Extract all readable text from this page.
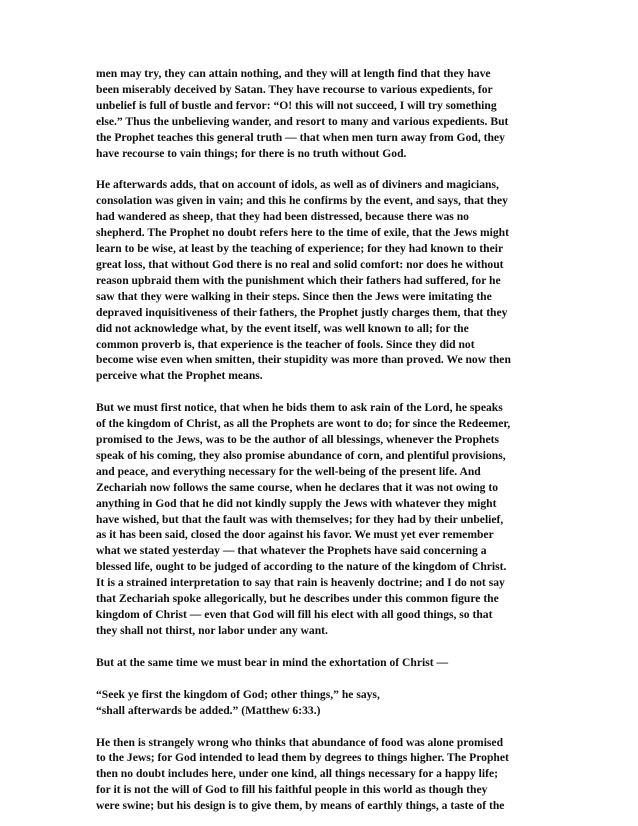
men may try, they can attain nothing, and they will at length find that they have
been miserably deceived by Satan. They have recourse to various expedients, for
unbelief is full of bustle and fervor: “O! this will not succeed, I will try something
else.” Thus the unbelieving wander, and resort to many and various expedients. But
the Prophet teaches this general truth — that when men turn away from God, they
have recourse to vain things; for there is no truth without God.
He afterwards adds, that on account of idols, as well as of diviners and magicians,
consolation was given in vain; and this he confirms by the event, and says, that they
had wandered as sheep, that they had been distressed, because there was no
shepherd. The Prophet no doubt refers here to the time of exile, that the Jews might
learn to be wise, at least by the teaching of experience; for they had known to their
great loss, that without God there is no real and solid comfort: nor does he without
reason upbraid them with the punishment which their fathers had suffered, for he
saw that they were walking in their steps. Since then the Jews were imitating the
depraved inquisitiveness of their fathers, the Prophet justly charges them, that they
did not acknowledge what, by the event itself, was well known to all; for the
common proverb is, that experience is the teacher of fools. Since they did not
become wise even when smitten, their stupidity was more than proved. We now then
perceive what the Prophet means.
But we must first notice, that when he bids them to ask rain of the Lord, he speaks
of the kingdom of Christ, as all the Prophets are wont to do; for since the Redeemer,
promised to the Jews, was to be the author of all blessings, whenever the Prophets
speak of his coming, they also promise abundance of corn, and plentiful provisions,
and peace, and everything necessary for the well-being of the present life. And
Zechariah now follows the same course, when he declares that it was not owing to
anything in God that he did not kindly supply the Jews with whatever they might
have wished, but that the fault was with themselves; for they had by their unbelief,
as it has been said, closed the door against his favor. We must yet ever remember
what we stated yesterday — that whatever the Prophets have said concerning a
blessed life, ought to be judged of according to the nature of the kingdom of Christ.
It is a strained interpretation to say that rain is heavenly doctrine; and I do not say
that Zechariah spoke allegorically, but he describes under this common figure the
kingdom of Christ — even that God will fill his elect with all good things, so that
they shall not thirst, nor labor under any want.
But at the same time we must bear in mind the exhortation of Christ —
“Seek ye first the kingdom of God; other things,” he says,
“shall afterwards be added.” (Matthew 6:33.)
He then is strangely wrong who thinks that abundance of food was alone promised
to the Jews; for God intended to lead them by degrees to things higher. The Prophet
then no doubt includes here, under one kind, all things necessary for a happy life;
for it is not the will of God to fill his faithful people in this world as though they
were swine; but his design is to give them, by means of earthly things, a taste of the
